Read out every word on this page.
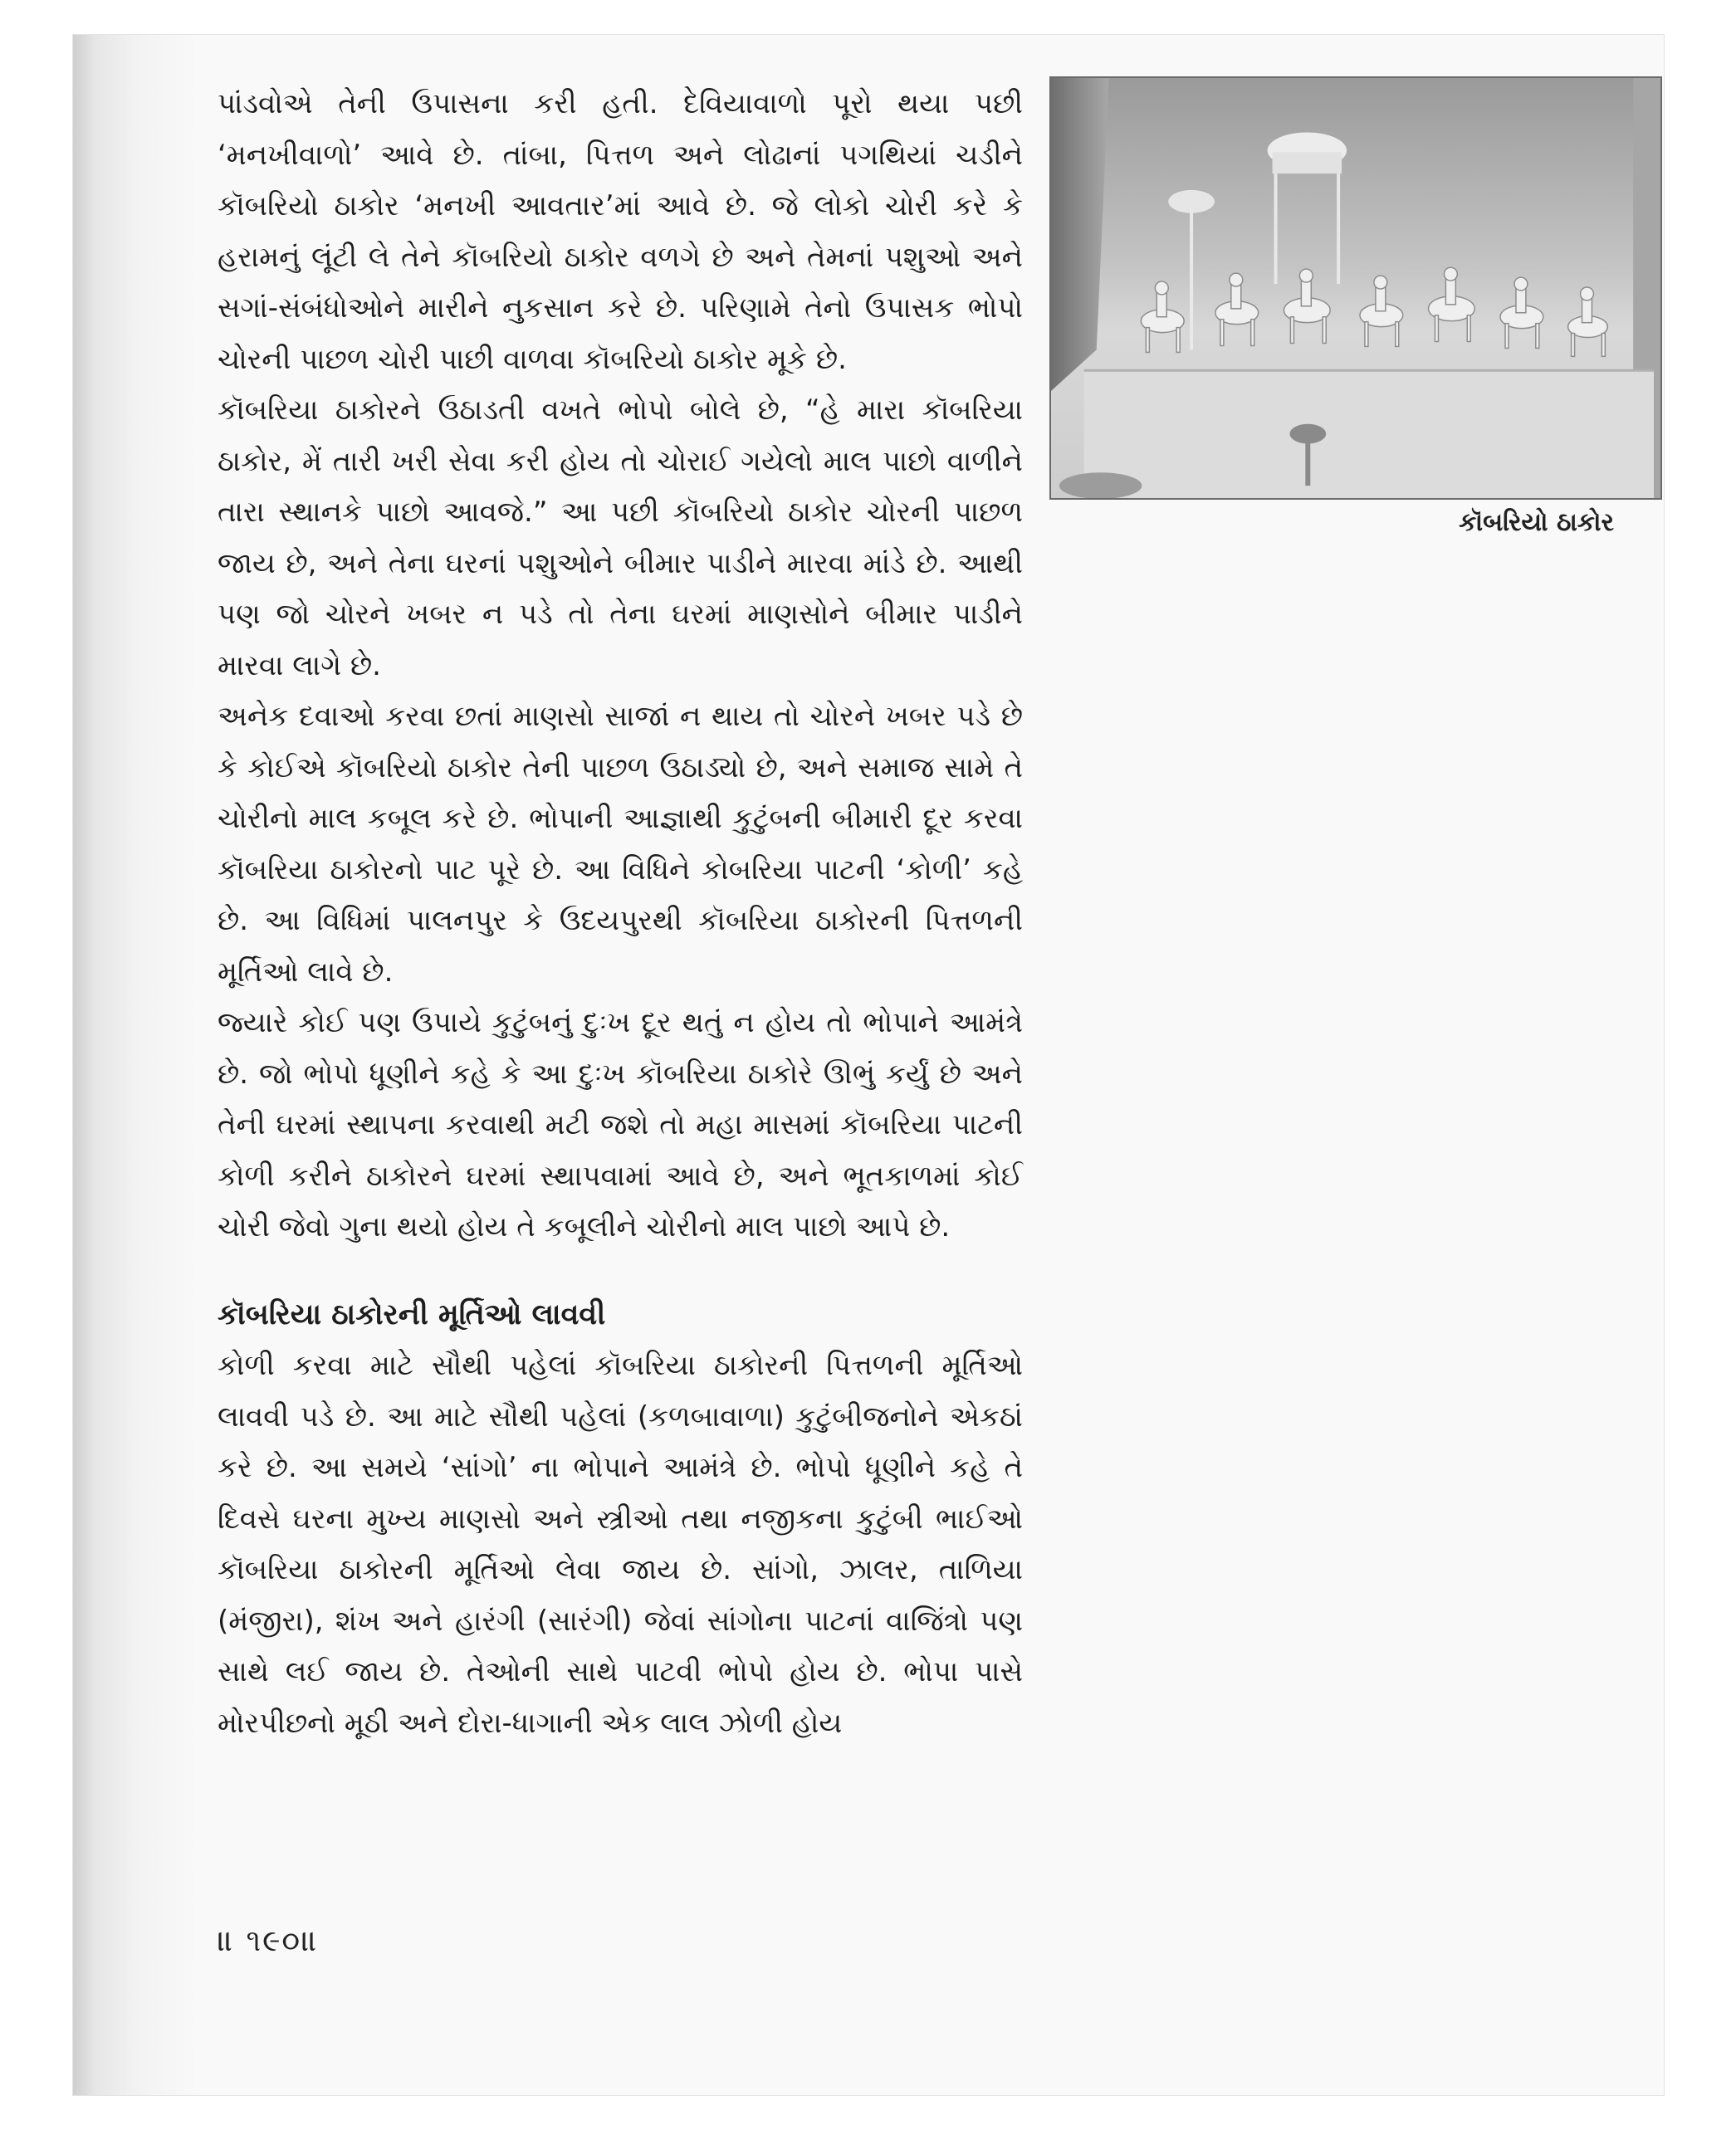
કૉબરિયો ઠાકોર

પાંડવોએ તેની ઉપાસના કરી હતી. દેવિયાવાળો પૂરો થયા પછી ‘મનખીવાળો’ આવે છે. તાંબા, પિત્તળ અને લોઢાનાં પગથિયાં ચડીને કૉબરિયો ઠાકોર ‘મનખી આવતાર’માં આવે છે. જે લોકો ચોરી કરે કે હરામનું લૂંટી લે તેને કૉબરિયો ઠાકોર વળગે છે અને તેમનાં પશુઓ અને સગાં-સંબંધોઓને મારીને નુકસાન કરે છે. પરિણામે તેનો ઉપાસક ભોપો ચોરની પાછળ ચોરી પાછી વાળવા કૉબરિયો ઠાકોર મૂકે છે.

કૉબરિયા ઠાકોરને ઉઠાડતી વખતે ભોપો બોલે છે, “હે મારા કૉબરિયા ઠાકોર, મેં તારી ખરી સેવા કરી હોય તો ચોરાઈ ગયેલો માલ પાછો વાળીને તારા સ્થાનકે પાછો આવજે.” આ પછી કૉબરિયો ઠાકોર ચોરની પાછળ જાય છે, અને તેના ઘરનાં પશુઓને બીમાર પાડીને મારવા માંડે છે. આથી પણ જો ચોરને ખબર ન પડે તો તેના ઘરમાં માણસોને બીમાર પાડીને મારવા લાગે છે.

અનેક દવાઓ કરવા છતાં માણસો સાજાં ન થાય તો ચોરને ખબર પડે છે કે કોઈએ કૉબરિયો ઠાકોર તેની પાછળ ઉઠાડ્યો છે, અને સમાજ સામે તે ચોરીનો માલ કબૂલ કરે છે. ભોપાની આજ્ઞાથી કુટુંબની બીમારી દૂર કરવા કૉબરિયા ઠાકોરનો પાટ પૂરે છે. આ વિધિને કોબરિયા પાટની ‘કોળી’ કહે છે. આ વિધિમાં પાલનપુર કે ઉદયપુરથી કૉબરિયા ઠાકોરની પિત્તળની મૂર્તિઓ લાવે છે.

જ્યારે કોઈ પણ ઉપાયે કુટુંબનું દુઃખ દૂર થતું ન હોય તો ભોપાને આમંત્રે છે. જો ભોપો ધૂણીને કહે કે આ દુઃખ કૉબરિયા ઠાકોરે ઊભું કર્યું છે અને તેની ઘરમાં સ્થાપના કરવાથી મટી જશે તો મહા માસમાં કૉબરિયા પાટની કોળી કરીને ઠાકોરને ઘરમાં સ્થાપવામાં આવે છે, અને ભૂતકાળમાં કોઈ ચોરી જેવો ગુના થયો હોય તે કબૂલીને ચોરીનો માલ પાછો આપે છે.

કૉબરિયા ઠાકોરની મૂર્તિઓ લાવવી

કોળી કરવા માટે સૌથી પહેલાં કૉબરિયા ઠાકોરની પિત્તળની મૂર્તિઓ લાવવી પડે છે. આ માટે સૌથી પહેલાં (કળબાવાળા) કુટુંબીજનોને એકઠાં કરે છે. આ સમયે ‘સાંગો’ ના ભોપાને આમંત્રે છે. ભોપો ધૂણીને કહે તે દિવસે ઘરના મુખ્ય માણસો અને સ્ત્રીઓ તથા નજીકના કુટુંબી ભાઈઓ કૉબરિયા ઠાકોરની મૂર્તિઓ લેવા જાય છે. સાંગો, ઝાલર, તાળિયા (મંજીરા), શંખ અને હારંગી (સારંગી) જેવાં સાંગોના પાટનાં વાજિંત્રો પણ સાથે લઈ જાય છે. તેઓની સાથે પાટવી ભોપો હોય છે. ભોપા પાસે મોરપીછનો મૂઠી અને દોરા-ધાગાની એક લાલ ઝોળી હોય

॥ ૧૯૦॥
